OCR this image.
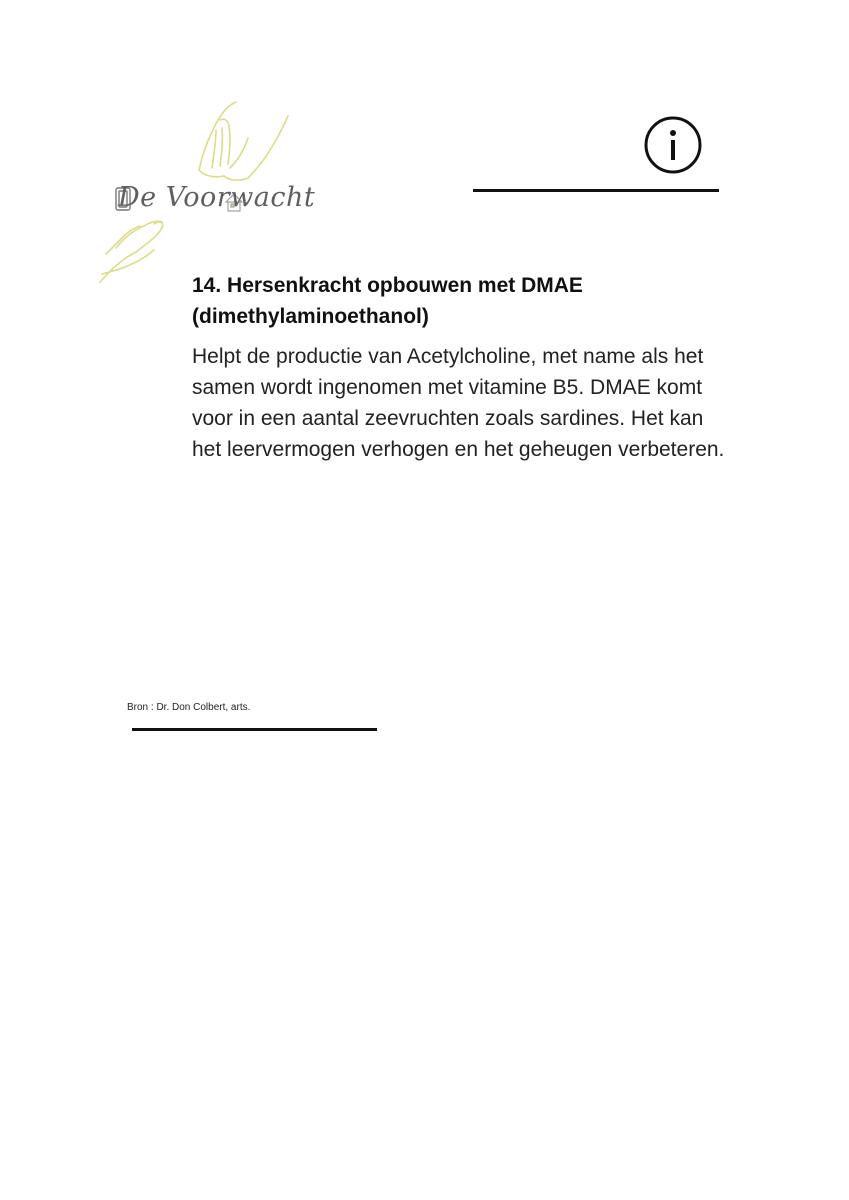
De Voorwacht
14. Hersenkracht opbouwen met DMAE (dimethylaminoethanol)

Helpt de productie van Acetylcholine, met name als het samen wordt ingenomen met vitamine B5. DMAE komt voor in een aantal zeevruchten zoals sardines. Het kan het leervermogen verhogen en het geheugen verbeteren.

Bron : Dr. Don Colbert, arts.
